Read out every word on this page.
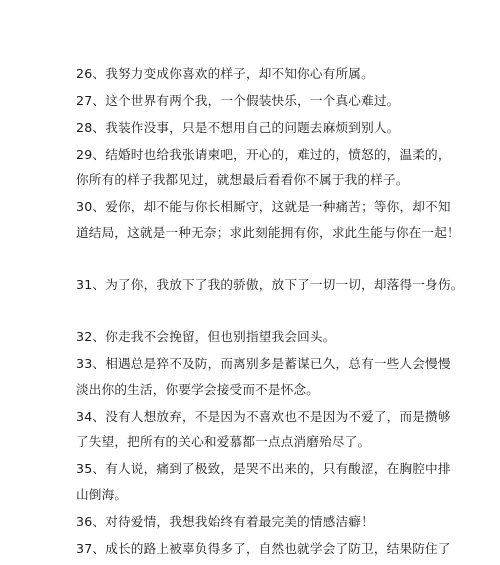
26、我努力变成你喜欢的样子，却不知你心有所属。
27、这个世界有两个我，一个假装快乐，一个真心难过。
28、我装作没事，只是不想用自己的问题去麻烦到别人。
29、结婚时也给我张请柬吧，开心的，难过的，愤怒的，温柔的，
你所有的样子我都见过，就想最后看看你不属于我的样子。
30、爱你，却不能与你长相厮守，这就是一种痛苦；等你，却不知
道结局，这就是一种无奈；求此刻能拥有你，求此生能与你在一起！
31、为了你，我放下了我的骄傲，放下了一切一切，却落得一身伤。
32、你走我不会挽留，但也别指望我会回头。
33、相遇总是猝不及防，而离别多是蓄谋已久，总有一些人会慢慢
淡出你的生活，你要学会接受而不是怀念。
34、没有人想放弃，不是因为不喜欢也不是因为不爱了，而是攒够
了失望，把所有的关心和爱慕都一点点消磨殆尽了。
35、有人说，痛到了极致，是哭不出来的，只有酸涩，在胸腔中排
山倒海。
36、对待爱情，我想我始终有着最完美的情感洁癖！
37、成长的路上被辜负得多了，自然也就学会了防卫，结果防住了
